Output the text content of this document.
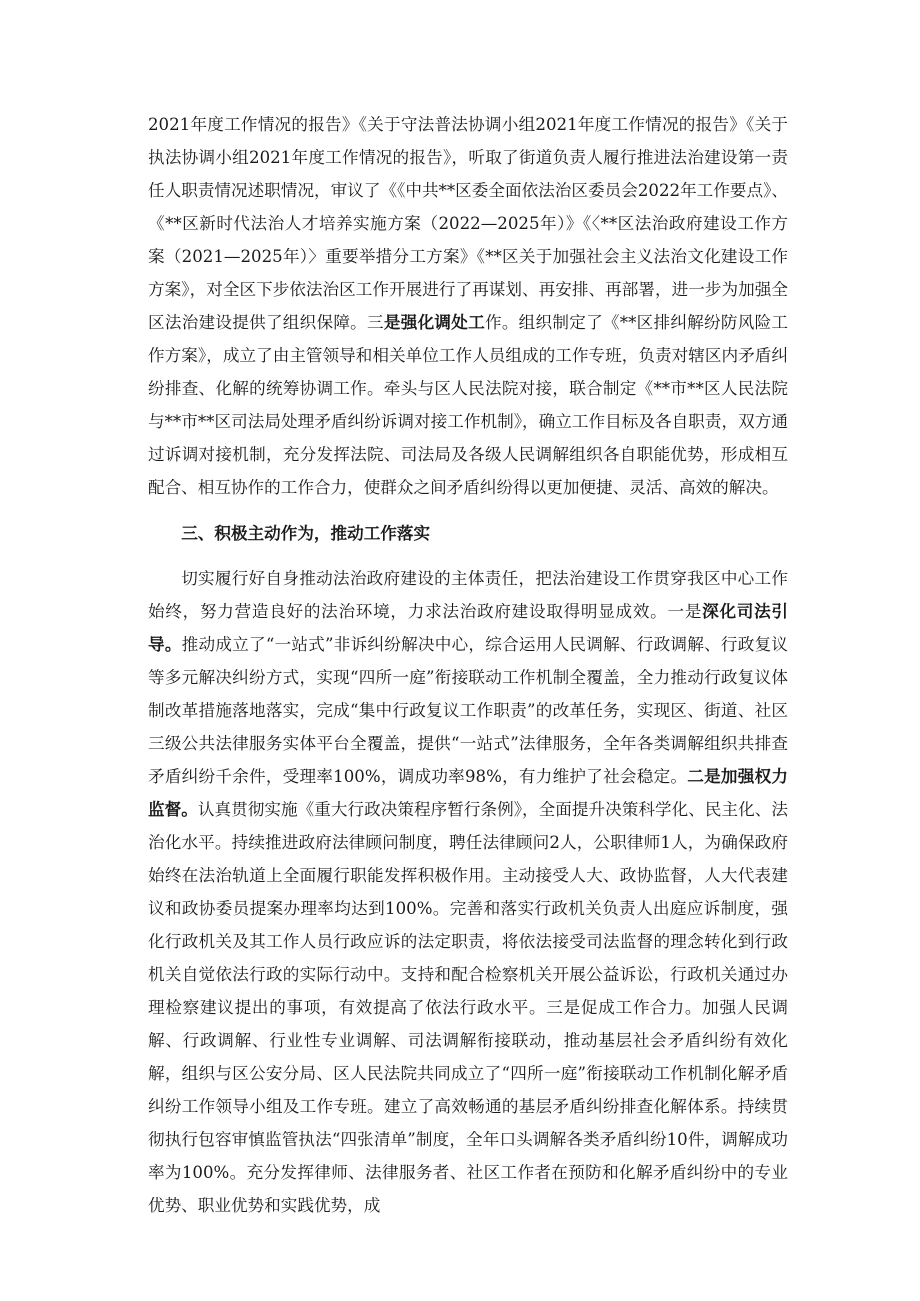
2021年度工作情况的报告》《关于守法普法协调小组2021年度工作情况的报告》《关于执法协调小组2021年度工作情况的报告》，听取了街道负责人履行推进法治建设第一责任人职责情况述职情况，审议了《《中共**区委全面依法治区委员会2022年工作要点》、《**区新时代法治人才培养实施方案（2022—2025年）》《〈**区法治政府建设工作方案（2021—2025年）〉重要举措分工方案》《**区关于加强社会主义法治文化建设工作方案》，对全区下步依法治区工作开展进行了再谋划、再安排、再部署，进一步为加强全区法治建设提供了组织保障。三是强化调处工作。组织制定了《**区排纠解纷防风险工作方案》，成立了由主管领导和相关单位工作人员组成的工作专班，负责对辖区内矛盾纠纷排查、化解的统筹协调工作。牵头与区人民法院对接，联合制定《**市**区人民法院与**市**区司法局处理矛盾纠纷诉调对接工作机制》，确立工作目标及各自职责，双方通过诉调对接机制，充分发挥法院、司法局及各级人民调解组织各自职能优势，形成相互配合、相互协作的工作合力，使群众之间矛盾纠纷得以更加便捷、灵活、高效的解决。

三、积极主动作为，推动工作落实

切实履行好自身推动法治政府建设的主体责任，把法治建设工作贯穿我区中心工作始终，努力营造良好的法治环境，力求法治政府建设取得明显成效。一是深化司法引导。推动成立了“一站式”非诉纠纷解决中心，综合运用人民调解、行政调解、行政复议等多元解决纠纷方式，实现“四所一庭”衔接联动工作机制全覆盖，全力推动行政复议体制改革措施落地落实，完成“集中行政复议工作职责”的改革任务，实现区、街道、社区三级公共法律服务实体平台全覆盖，提供“一站式”法律服务，全年各类调解组织共排查矛盾纠纷千余件，受理率100%，调成功率98%，有力维护了社会稳定。二是加强权力监督。认真贯彻实施《重大行政决策程序暂行条例》，全面提升决策科学化、民主化、法治化水平。持续推进政府法律顾问制度，聘任法律顾问2人，公职律师1人，为确保政府始终在法治轨道上全面履行职能发挥积极作用。主动接受人大、政协监督，人大代表建议和政协委员提案办理率均达到100%。完善和落实行政机关负责人出庭应诉制度，强化行政机关及其工作人员行政应诉的法定职责，将依法接受司法监督的理念转化到行政机关自觉依法行政的实际行动中。支持和配合检察机关开展公益诉讼，行政机关通过办理检察建议提出的事项，有效提高了依法行政水平。三是促成工作合力。加强人民调解、行政调解、行业性专业调解、司法调解衔接联动，推动基层社会矛盾纠纷有效化解，组织与区公安分局、区人民法院共同成立了“四所一庭”衔接联动工作机制化解矛盾纠纷工作领导小组及工作专班。建立了高效畅通的基层矛盾纠纷排查化解体系。持续贯彻执行包容审慎监管执法“四张清单”制度，全年口头调解各类矛盾纠纷10件，调解成功率为100%。充分发挥律师、法律服务者、社区工作者在预防和化解矛盾纠纷中的专业优势、职业优势和实践优势，成
